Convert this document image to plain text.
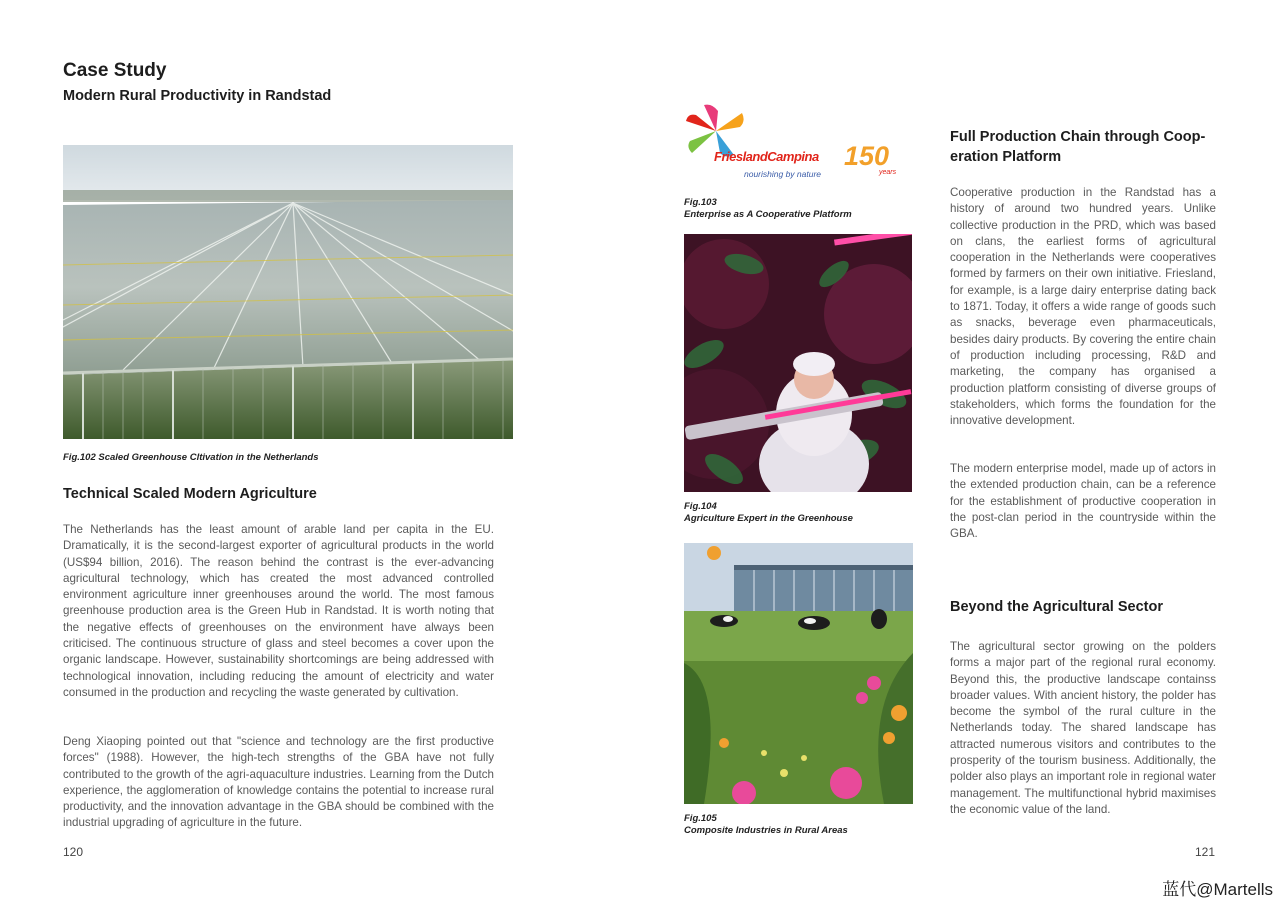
Case Study
Modern Rural Productivity in Randstad
Fig.102 Scaled Greenhouse Cltivation in the Netherlands
Technical Scaled Modern Agriculture

The Netherlands has the least amount of arable land per capita in the EU. Dramatically, it is the second-largest exporter of agricultural products in the world (US$94 billion, 2016). The reason behind the contrast is the ever-advancing agricultural technology, which has created the most advanced controlled environment agriculture inner greenhouses around the world. The most famous greenhouse production area is the Green Hub in Randstad. It is worth noting that the negative effects of greenhouses on the environment have always been criticised. The continuous structure of glass and steel becomes a cover upon the organic landscape. However, sustainability shortcomings are being addressed with technological innovation, including reducing the amount of electricity and water consumed in the production and recycling the waste generated by cultivation.

Deng Xiaoping pointed out that "science and technology are the first productive forces" (1988). However, the high-tech strengths of the GBA have not fully contributed to the growth of the agri-aquaculture industries. Learning from the Dutch experience, the agglomeration of knowledge contains the potential to increase rural productivity, and the innovation advantage in the GBA should be combined with the industrial upgrading of agriculture in the future.

120
FrieslandCampina
nourishing by nature
150
years
Fig.103
Enterprise as A Cooperative Platform
Fig.104
Agriculture Expert in the Greenhouse
Fig.105
Composite Industries in Rural Areas
Full Production Chain through Coop-eration Platform

Cooperative production in the Randstad has a history of around two hundred years. Unlike collective production in the PRD, which was based on clans, the earliest forms of agricultural cooperation in the Netherlands were cooperatives formed by farmers on their own initiative. Friesland, for example, is a large dairy enterprise dating back to 1871. Today, it offers a wide range of goods such as snacks, beverage even pharmaceuticals, besides dairy products. By covering the entire chain of production including processing, R&D and marketing, the company has organised a production platform consisting of diverse groups of stakeholders, which forms the foundation for the innovative development.

The modern enterprise model, made up of actors in the extended production chain, can be a reference for the establishment of productive cooperation in the post-clan period in the countryside within the GBA.

Beyond the Agricultural Sector

The agricultural sector growing on the polders forms a major part of the regional rural economy. Beyond this, the productive landscape containss broader values. With ancient history, the polder has become the symbol of the rural culture in the Netherlands today. The shared landscape has attracted numerous visitors and contributes to the prosperity of the tourism business. Additionally, the polder also plays an important role in regional water management. The multifunctional hybrid maximises the economic value of the land.

121
蓝代@Martells
